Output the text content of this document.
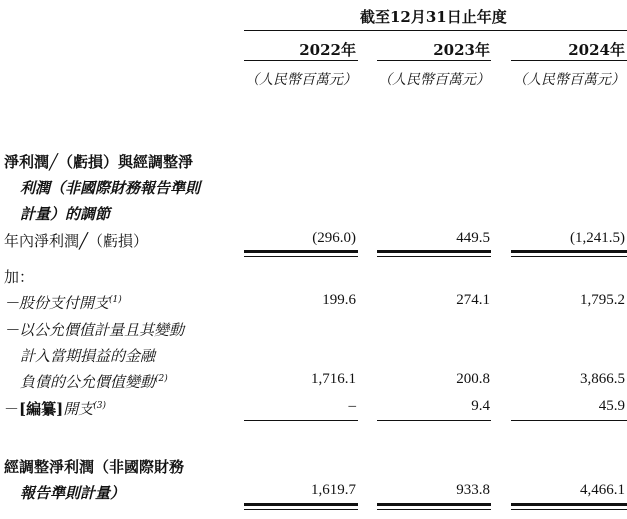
截至12月31日止年度
2022年	2023年	2024年
（人民幣百萬元）	（人民幣百萬元）	（人民幣百萬元）
淨利潤╱（虧損）與經調整淨
利潤（非國際財務報告準則
計量）的調節
年內淨利潤╱（虧損）	(296.0)	449.5	(1,241.5)
加：
－股份支付開支$^{(1)}$	199.6	274.1	1,795.2
－以公允價值計量且其變動
計入當期損益的金融
負債的公允價值變動$^{(2)}$	1,716.1	200.8	3,866.5
－[編纂]開支$^{(3)}$	–	9.4	45.9
經調整淨利潤（非國際財務
報告準則計量）	1,619.7	933.8	4,466.1
